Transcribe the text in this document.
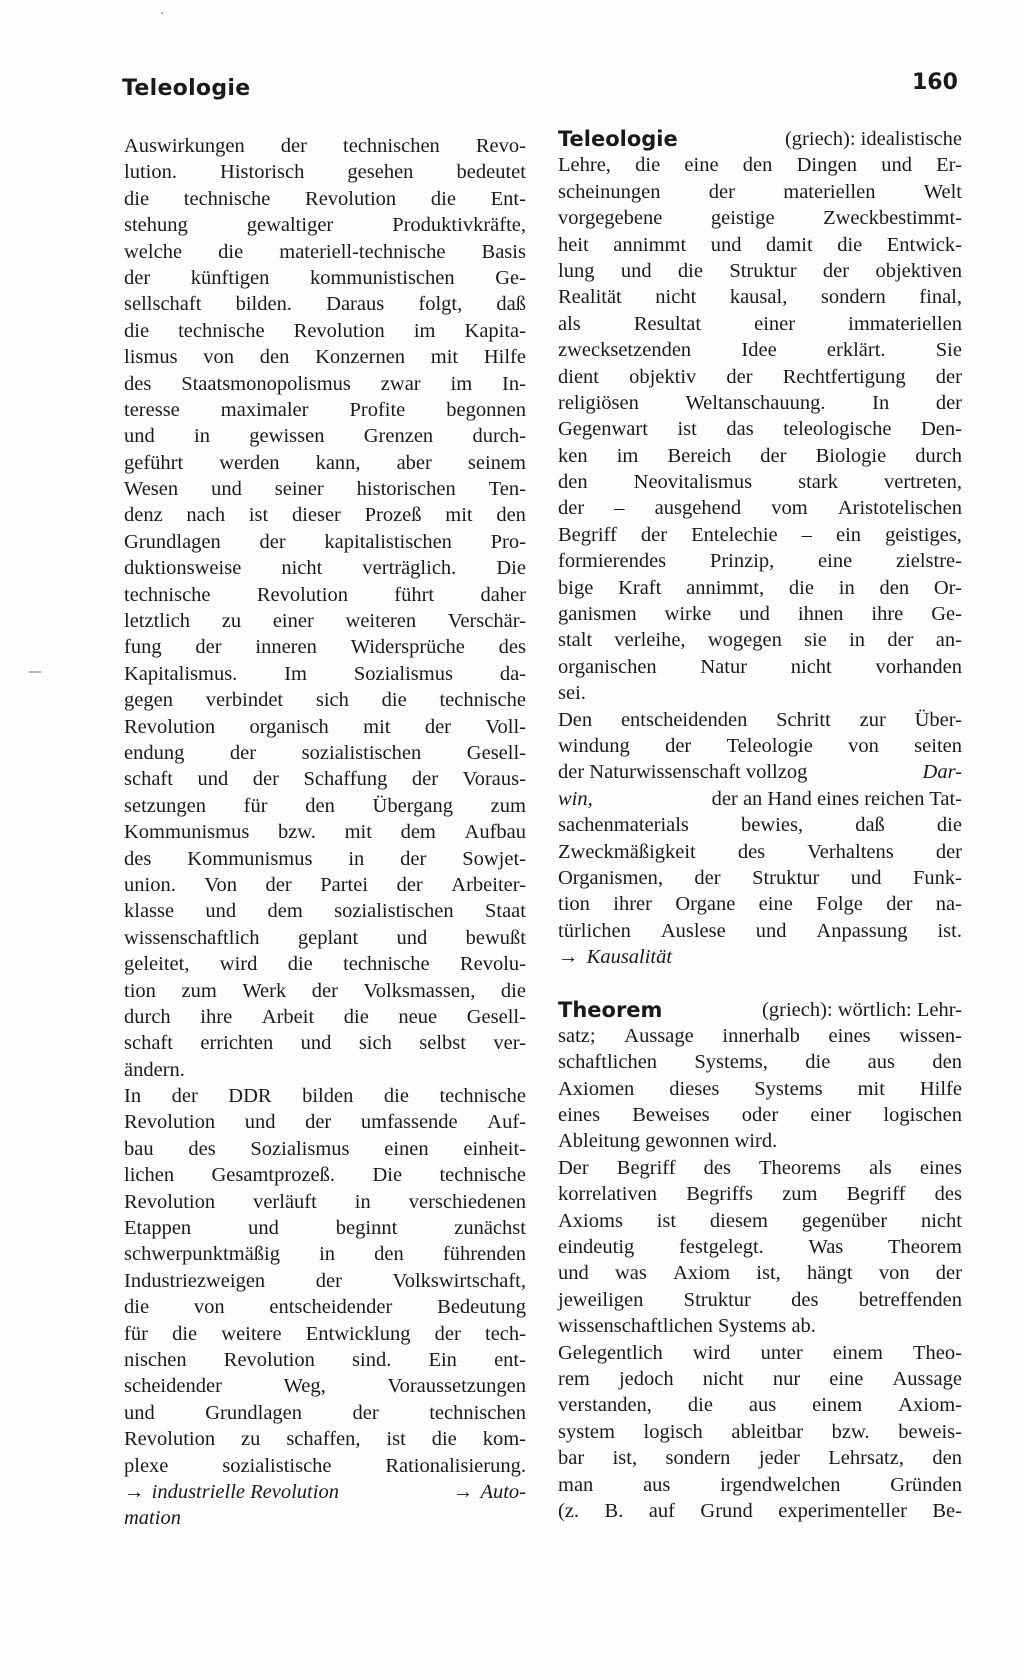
Teleologie	160
·
—
Auswirkungen der technischen Revo-
lution. Historisch gesehen bedeutet
die technische Revolution die Ent-
stehung	gewaltiger	Produktivkräfte,
welche die materiell-technische Basis
der künftigen kommunistischen Ge-
sellschaft bilden. Daraus folgt, daß
die technische Revolution im Kapita-
lismus von den Konzernen mit Hilfe
des Staatsmonopolismus zwar im In-
teresse maximaler Profite begonnen
und in gewissen Grenzen durch-
geführt werden kann, aber seinem
Wesen und seiner historischen Ten-
denz nach ist dieser Prozeß mit den
Grundlagen der kapitalistischen Pro-
duktionsweise nicht verträglich. Die
technische Revolution führt daher
letztlich zu einer weiteren Verschär-
fung der inneren Widersprüche des
Kapitalismus. Im Sozialismus da-
gegen verbindet sich die technische
Revolution organisch mit der Voll-
endung der sozialistischen Gesell-
schaft und der Schaffung der Voraus-
setzungen für den Übergang zum
Kommunismus bzw. mit dem Aufbau
des Kommunismus in der Sowjet-
union. Von der Partei der Arbeiter-
klasse und dem sozialistischen Staat
wissenschaftlich geplant und bewußt
geleitet, wird die technische Revolu-
tion zum Werk der Volksmassen, die
durch ihre Arbeit die neue Gesell-
schaft errichten und sich selbst ver-
ändern.
In der DDR bilden die technische
Revolution und der umfassende Auf-
bau des Sozialismus einen einheit-
lichen Gesamtprozeß. Die technische
Revolution verläuft in verschiedenen
Etappen	und	beginnt	zunächst
schwerpunktmäßig in den führenden
Industriezweigen der Volkswirtschaft,
die von entscheidender Bedeutung
für die weitere Entwicklung der tech-
nischen Revolution sind. Ein ent-
scheidender	Weg,	Voraussetzungen
und Grundlagen der technischen
Revolution zu schaffen, ist die kom-
plexe	sozialistische	Rationalisierung.
→ industrielle Revolution	→ Auto-
mation
Teleologie	(griech): idealistische
Lehre, die eine den Dingen und Er-
scheinungen der materiellen Welt
vorgegebene geistige Zweckbestimmt-
heit annimmt und damit die Entwick-
lung und die Struktur der objektiven
Realität nicht kausal, sondern final,
als	Resultat	einer	immateriellen
zwecksetzenden Idee erklärt. Sie
dient objektiv der Rechtfertigung der
religiösen Weltanschauung. In der
Gegenwart ist das teleologische Den-
ken im Bereich der Biologie durch
den Neovitalismus stark vertreten,
der – ausgehend vom Aristotelischen
Begriff der Entelechie – ein geistiges,
formierendes Prinzip, eine zielstre-
bige Kraft annimmt, die in den Or-
ganismen wirke und ihnen ihre Ge-
stalt verleihe, wogegen sie in der an-
organischen Natur nicht vorhanden
sei.
Den entscheidenden Schritt zur Über-
windung der Teleologie von seiten
der Naturwissenschaft vollzog	Dar-
win,	der an Hand eines reichen Tat-
sachenmaterials	bewies,	daß	die
Zweckmäßigkeit des Verhaltens der
Organismen, der Struktur und Funk-
tion ihrer Organe eine Folge der na-
türlichen Auslese und Anpassung ist.
→ Kausalität
Theorem	(griech): wörtlich: Lehr-
satz; Aussage innerhalb eines wissen-
schaftlichen Systems, die aus den
Axiomen dieses Systems mit Hilfe
eines Beweises oder einer logischen
Ableitung gewonnen wird.
Der Begriff des Theorems als eines
korrelativen Begriffs zum Begriff des
Axioms ist diesem gegenüber nicht
eindeutig festgelegt. Was Theorem
und was Axiom ist, hängt von der
jeweiligen Struktur des betreffenden
wissenschaftlichen Systems ab.
Gelegentlich wird unter einem Theo-
rem jedoch nicht nur eine Aussage
verstanden, die aus einem Axiom-
system logisch ableitbar bzw. beweis-
bar ist, sondern jeder Lehrsatz, den
man aus irgendwelchen Gründen
(z. B. auf Grund experimenteller Be-
